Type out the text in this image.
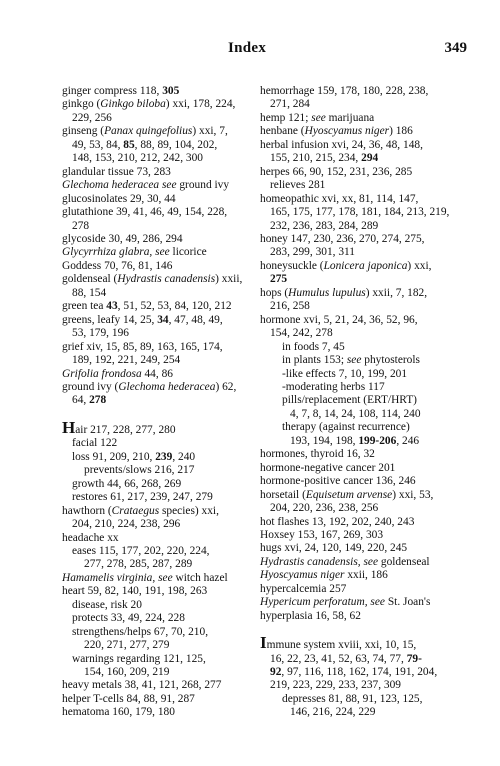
Index	349
ginger compress 118, 305
ginkgo (Ginkgo biloba) xxi, 178, 224,
229, 256
ginseng (Panax quingefolius) xxi, 7,
49, 53, 84, 85, 88, 89, 104, 202,
148, 153, 210, 212, 242, 300
glandular tissue 73, 283
Glechoma hederacea see ground ivy
glucosinolates 29, 30, 44
glutathione 39, 41, 46, 49, 154, 228,
278
glycoside 30, 49, 286, 294
Glycyrrhiza glabra, see licorice
Goddess 70, 76, 81, 146
goldenseal (Hydrastis canadensis) xxii,
88, 154
green tea 43, 51, 52, 53, 84, 120, 212
greens, leafy 14, 25, 34, 47, 48, 49,
53, 179, 196
grief xiv, 15, 85, 89, 163, 165, 174,
189, 192, 221, 249, 254
Grifolia frondosa 44, 86
ground ivy (Glechoma hederacea) 62,
64, 278
Hair 217, 228, 277, 280
facial 122
loss 91, 209, 210, 239, 240
prevents/slows 216, 217
growth 44, 66, 268, 269
restores 61, 217, 239, 247, 279
hawthorn (Crataegus species) xxi,
204, 210, 224, 238, 296
headache xx
eases 115, 177, 202, 220, 224,
277, 278, 285, 287, 289
Hamamelis virginia, see witch hazel
heart 59, 82, 140, 191, 198, 263
disease, risk 20
protects 33, 49, 224, 228
strengthens/helps 67, 70, 210,
220, 271, 277, 279
warnings regarding 121, 125,
154, 160, 209, 219
heavy metals 38, 41, 121, 268, 277
helper T-cells 84, 88, 91, 287
hematoma 160, 179, 180
hemorrhage 159, 178, 180, 228, 238,
271, 284
hemp 121; see marijuana
henbane (Hyoscyamus niger) 186
herbal infusion xvi, 24, 36, 48, 148,
155, 210, 215, 234, 294
herpes 66, 90, 152, 231, 236, 285
relieves 281
homeopathic xvi, xx, 81, 114, 147,
165, 175, 177, 178, 181, 184, 213, 219,
232, 236, 283, 284, 289
honey 147, 230, 236, 270, 274, 275,
283, 299, 301, 311
honeysuckle (Lonicera japonica) xxi,
275
hops (Humulus lupulus) xxii, 7, 182,
216, 258
hormone xvi, 5, 21, 24, 36, 52, 96,
154, 242, 278
in foods 7, 45
in plants 153; see phytosterols
-like effects 7, 10, 199, 201
-moderating herbs 117
pills/replacement (ERT/HRT)
4, 7, 8, 14, 24, 108, 114, 240
therapy (against recurrence)
193, 194, 198, 199-206, 246
hormones, thyroid 16, 32
hormone-negative cancer 201
hormone-positive cancer 136, 246
horsetail (Equisetum arvense) xxi, 53,
204, 220, 236, 238, 256
hot flashes 13, 192, 202, 240, 243
Hoxsey 153, 167, 269, 303
hugs xvi, 24, 120, 149, 220, 245
Hydrastis canadensis, see goldenseal
Hyoscyamus niger xxii, 186
hypercalcemia 257
Hypericum perforatum, see St. Joan's
hyperplasia 16, 58, 62
Immune system xviii, xxi, 10, 15,
16, 22, 23, 41, 52, 63, 74, 77, 79-
92, 97, 116, 118, 162, 174, 191, 204,
219, 223, 229, 233, 237, 309
depresses 81, 88, 91, 123, 125,
146, 216, 224, 229
